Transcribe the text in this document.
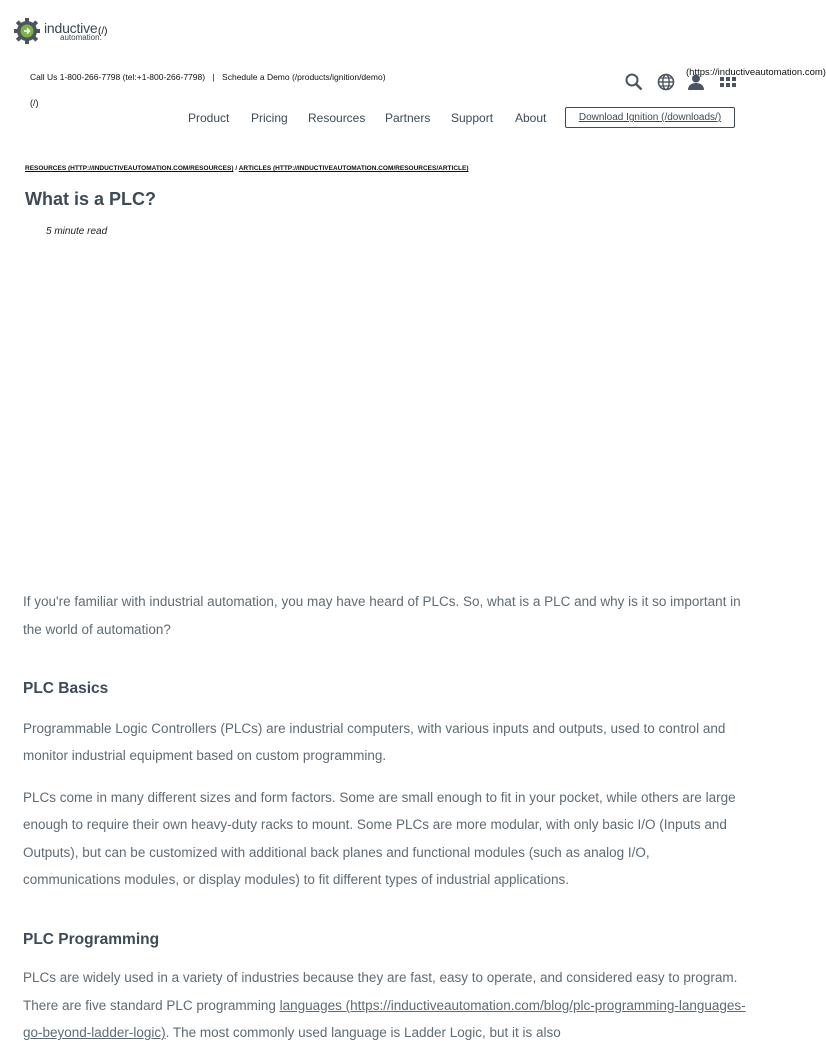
inductive
automation.
(/)
Call Us 1-800-266-7798 (tel:+1-800-266-7798) | Schedule a Demo (/products/ignition/demo)
(/)
(https://inductiveautomation.com)
Product Pricing Resources Partners Support About	Download Ignition (/downloads/)
RESOURCES (HTTP://INDUCTIVEAUTOMATION.COM/RESOURCES) / ARTICLES (HTTP://INDUCTIVEAUTOMATION.COM/RESOURCES/ARTICLE)
What is a PLC?
5 minute read

If you're familiar with industrial automation, you may have heard of PLCs. So, what is a PLC and why is it so important in the world of automation?

PLC Basics

Programmable Logic Controllers (PLCs) are industrial computers, with various inputs and outputs, used to control and monitor industrial equipment based on custom programming.

PLCs come in many different sizes and form factors. Some are small enough to fit in your pocket, while others are large enough to require their own heavy-duty racks to mount. Some PLCs are more modular, with only basic I/O (Inputs and Outputs), but can be customized with additional back planes and functional modules (such as analog I/O, communications modules, or display modules) to fit different types of industrial applications.

PLC Programming

PLCs are widely used in a variety of industries because they are fast, easy to operate, and considered easy to program. There are five standard PLC programming languages (https://inductiveautomation.com/blog/plc-programming-languages-go-beyond-ladder-logic). The most commonly used language is Ladder Logic, but it is also
